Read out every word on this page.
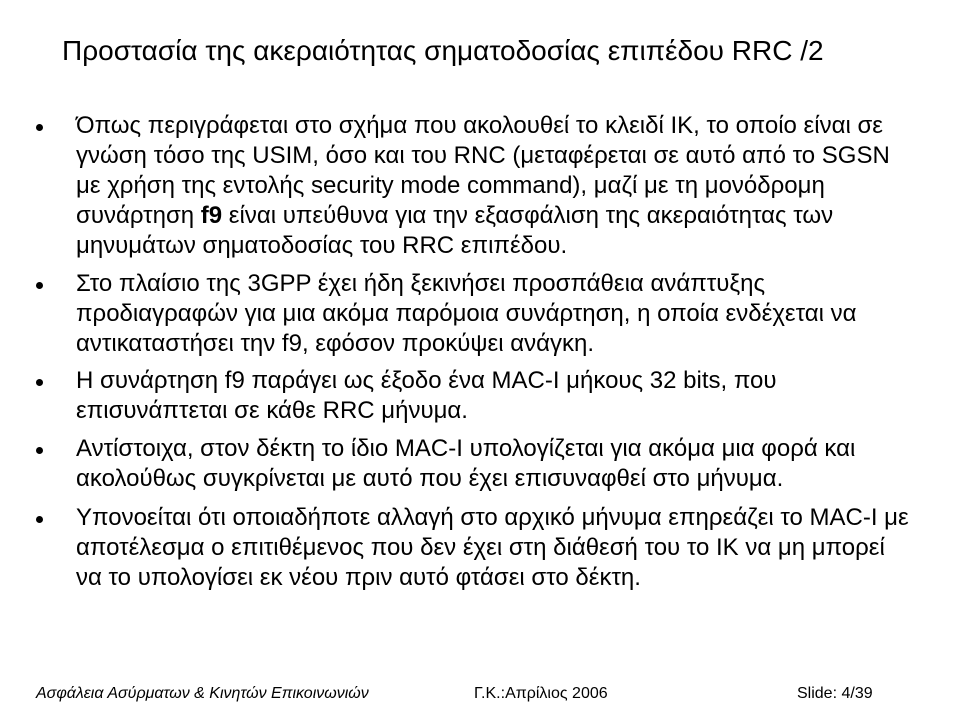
Προστασία της ακεραιότητας σηματοδοσίας επιπέδου RRC /2
Όπως περιγράφεται στο σχήμα που ακολουθεί το κλειδί IK, το οποίο είναι σε γνώση τόσο της USIM, όσο και του RNC (μεταφέρεται σε αυτό από το SGSN με χρήση της εντολής security mode command), μαζί με τη μονόδρομη συνάρτηση f9 είναι υπεύθυνα για την εξασφάλιση της ακεραιότητας των μηνυμάτων σηματοδοσίας του RRC επιπέδου.
Στο πλαίσιο της 3GPP έχει ήδη ξεκινήσει προσπάθεια ανάπτυξης προδιαγραφών για μια ακόμα παρόμοια συνάρτηση, η οποία ενδέχεται να αντικαταστήσει την f9, εφόσον προκύψει ανάγκη.
Η συνάρτηση f9 παράγει ως έξοδο ένα MAC-I μήκους 32 bits, που επισυνάπτεται σε κάθε RRC μήνυμα.
Αντίστοιχα, στον δέκτη το ίδιο MAC-I υπολογίζεται για ακόμα μια φορά και ακολούθως συγκρίνεται με αυτό που έχει επισυναφθεί στο μήνυμα.
Υπονοείται ότι οποιαδήποτε αλλαγή στο αρχικό μήνυμα επηρεάζει το MAC-I με αποτέλεσμα ο επιτιθέμενος που δεν έχει στη διάθεσή του το IK να μη μπορεί να το υπολογίσει εκ νέου πριν αυτό φτάσει στο δέκτη.
Ασφάλεια Ασύρματων & Κινητών Επικοινωνιών	Γ.Κ.:Απρίλιος 2006	Slide: 4/39
